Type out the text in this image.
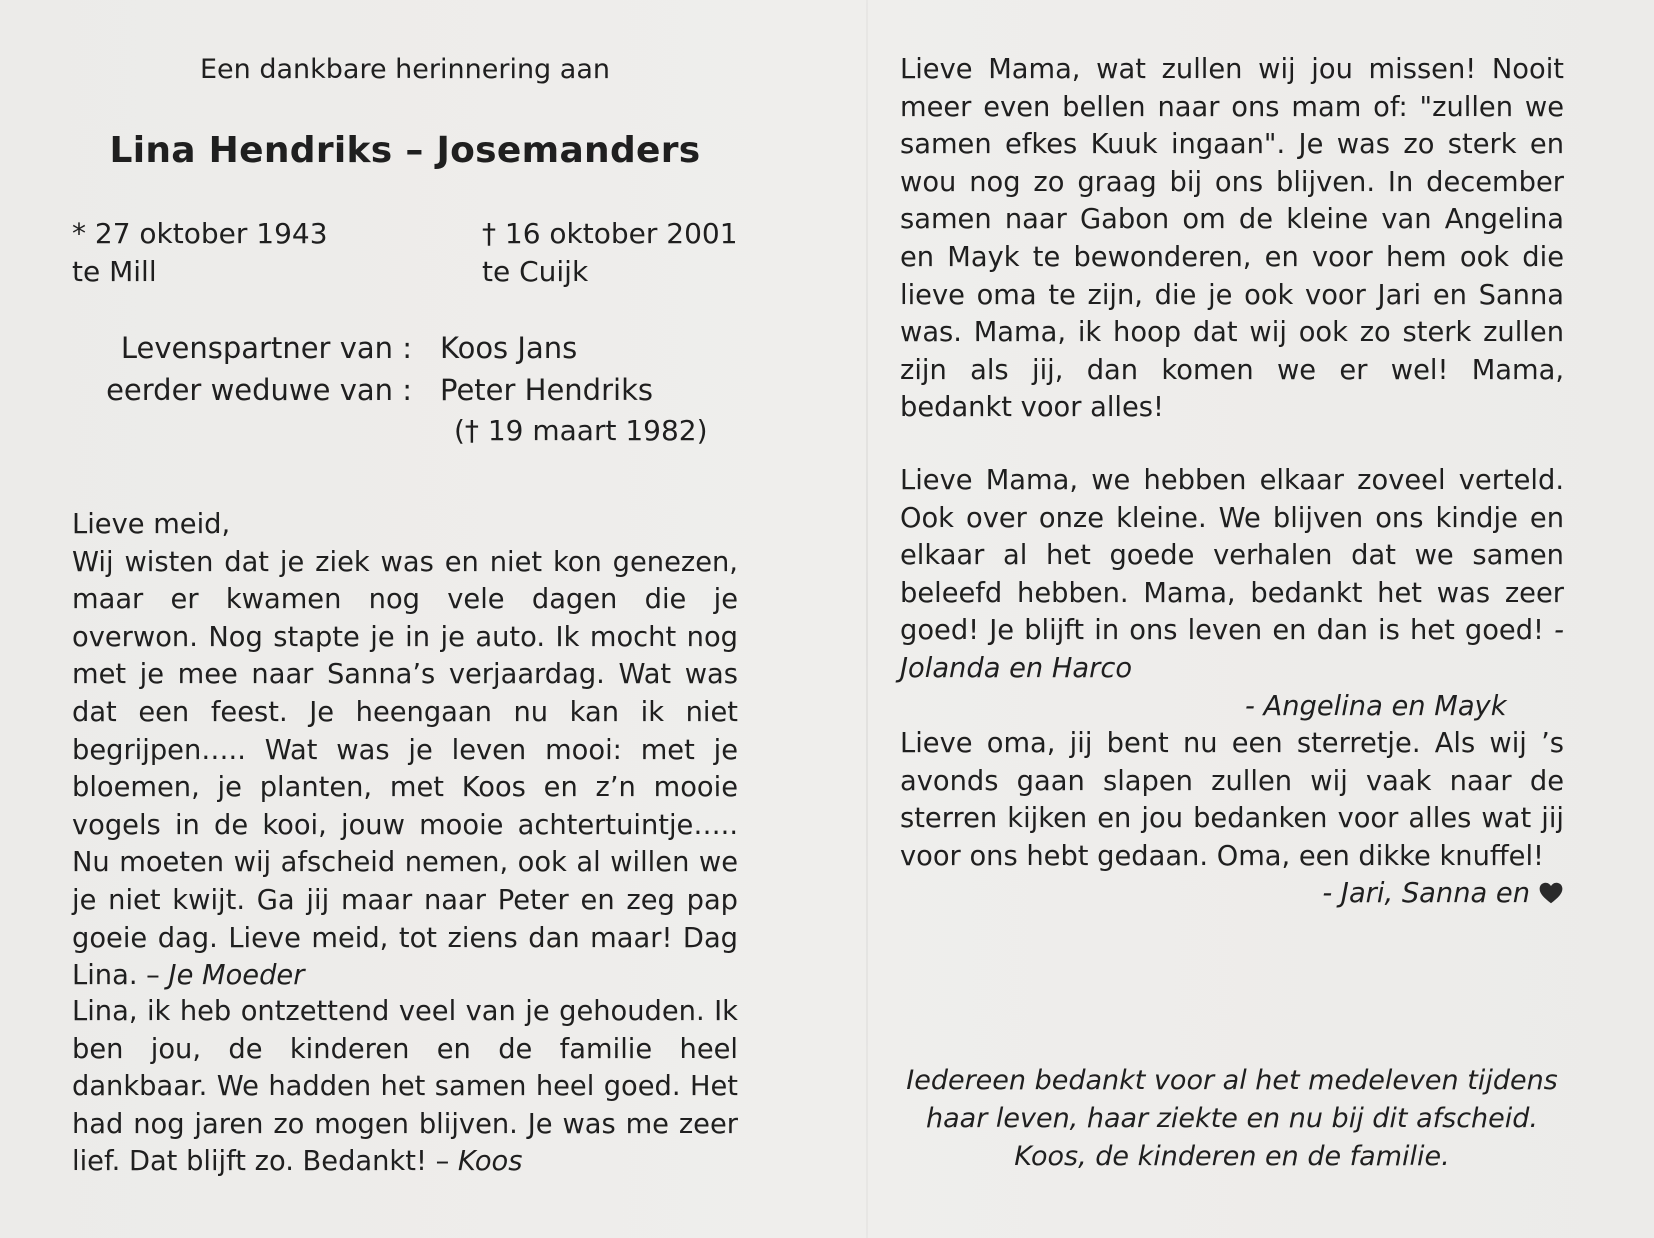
Een dankbare herinnering aan
Lina Hendriks – Josemanders
* 27 oktober 1943
te Mill
† 16 oktober 2001
te Cuijk
Levenspartner van : Koos Jans
eerder weduwe van : Peter Hendriks
(† 19 maart 1982)

Lieve meid,
Wij wisten dat je ziek was en niet kon genezen, maar er kwamen nog vele dagen die je overwon. Nog stapte je in je auto. Ik mocht nog met je mee naar Sanna’s verjaardag. Wat was dat een feest. Je heengaan nu kan ik niet begrijpen….. Wat was je leven mooi: met je bloemen, je planten, met Koos en z’n mooie vogels in de kooi, jouw mooie achtertuintje….. Nu moeten wij afscheid nemen, ook al willen we je niet kwijt. Ga jij maar naar Peter en zeg pap goeie dag. Lieve meid, tot ziens dan maar! Dag Lina. – Je Moeder

Lina, ik heb ontzettend veel van je gehouden. Ik ben jou, de kinderen en de familie heel dankbaar. We hadden het samen heel goed. Het had nog jaren zo mogen blijven. Je was me zeer lief. Dat blijft zo. Bedankt! – Koos

Lieve Mama, wat zullen wij jou missen! Nooit meer even bellen naar ons mam of: "zullen we samen efkes Kuuk ingaan". Je was zo sterk en wou nog zo graag bij ons blijven. In december samen naar Gabon om de kleine van Angelina en Mayk te bewonderen, en voor hem ook die lieve oma te zijn, die je ook voor Jari en Sanna was. Mama, ik hoop dat wij ook zo sterk zullen zijn als jij, dan komen we er wel! Mama, bedankt voor alles!

Lieve Mama, we hebben elkaar zoveel verteld. Ook over onze kleine. We blijven ons kindje en elkaar al het goede verhalen dat we samen beleefd hebben. Mama, bedankt het was zeer goed! Je blijft in ons leven en dan is het goed! - Jolanda en Harco
- Angelina en Mayk

Lieve oma, jij bent nu een sterretje. Als wij ’s avonds gaan slapen zullen wij vaak naar de sterren kijken en jou bedanken voor alles wat jij voor ons hebt gedaan. Oma, een dikke knuffel!
- Jari, Sanna en

Iedereen bedankt voor al het medeleven tijdens
haar leven, haar ziekte en nu bij dit afscheid.
Koos, de kinderen en de familie.
